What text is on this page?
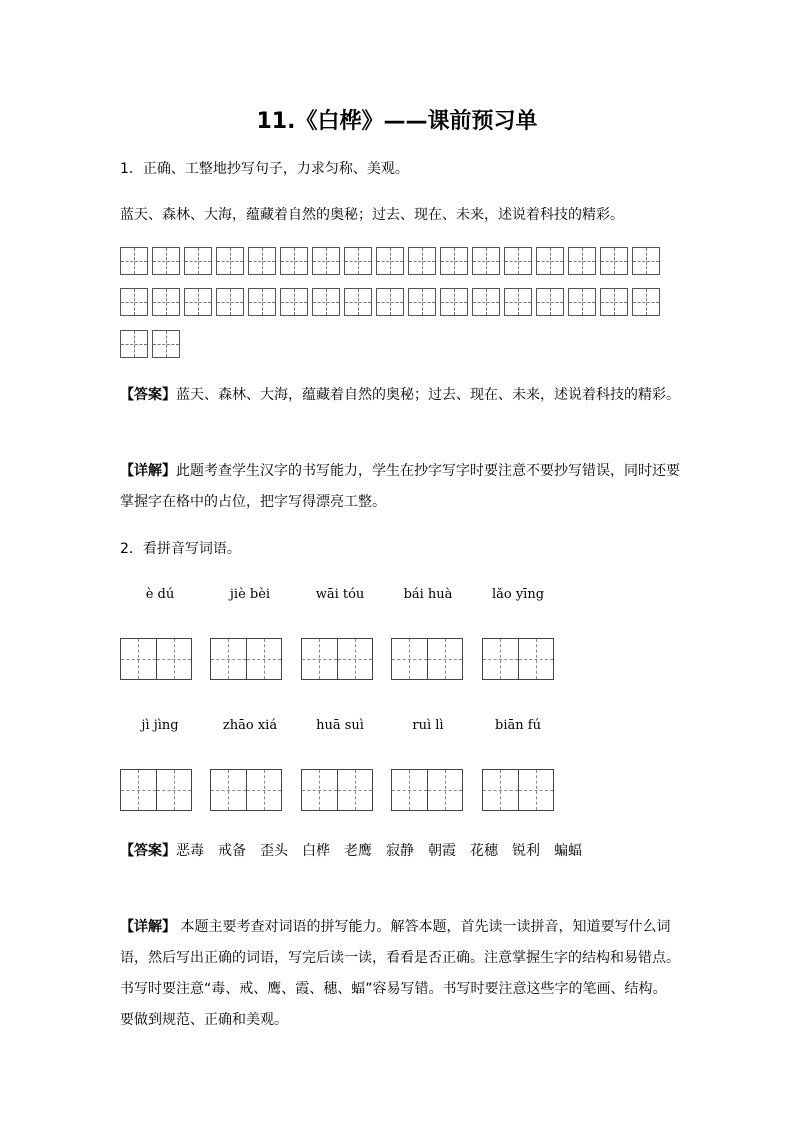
11.《白桦》——课前预习单
1．正确、工整地抄写句子，力求匀称、美观。
蓝天、森林、大海，蕴藏着自然的奥秘；过去、现在、未来，述说着科技的精彩。
【答案】蓝天、森林、大海，蕴藏着自然的奥秘；过去、现在、未来，述说着科技的精彩。
【详解】此题考查学生汉字的书写能力，学生在抄字写字时要注意不要抄写错误，同时还要掌握字在格中的占位，把字写得漂亮工整。
2．看拼音写词语。
è dú	jiè bèi	wāi tóu	bái huà	lǎo yīng
jì jìng	zhāo xiá	huā suì	ruì lì	biān fú
【答案】恶毒 戒备 歪头 白桦 老鹰 寂静 朝霞 花穗 锐利 蝙蝠
【详解】 本题主要考查对词语的拼写能力。解答本题，首先读一读拼音，知道要写什么词语，然后写出正确的词语，写完后读一读，看看是否正确。注意掌握生字的结构和易错点。书写时要注意“毒、戒、鹰、霞、穗、蝠”容易写错。书写时要注意这些字的笔画、结构。要做到规范、正确和美观。
